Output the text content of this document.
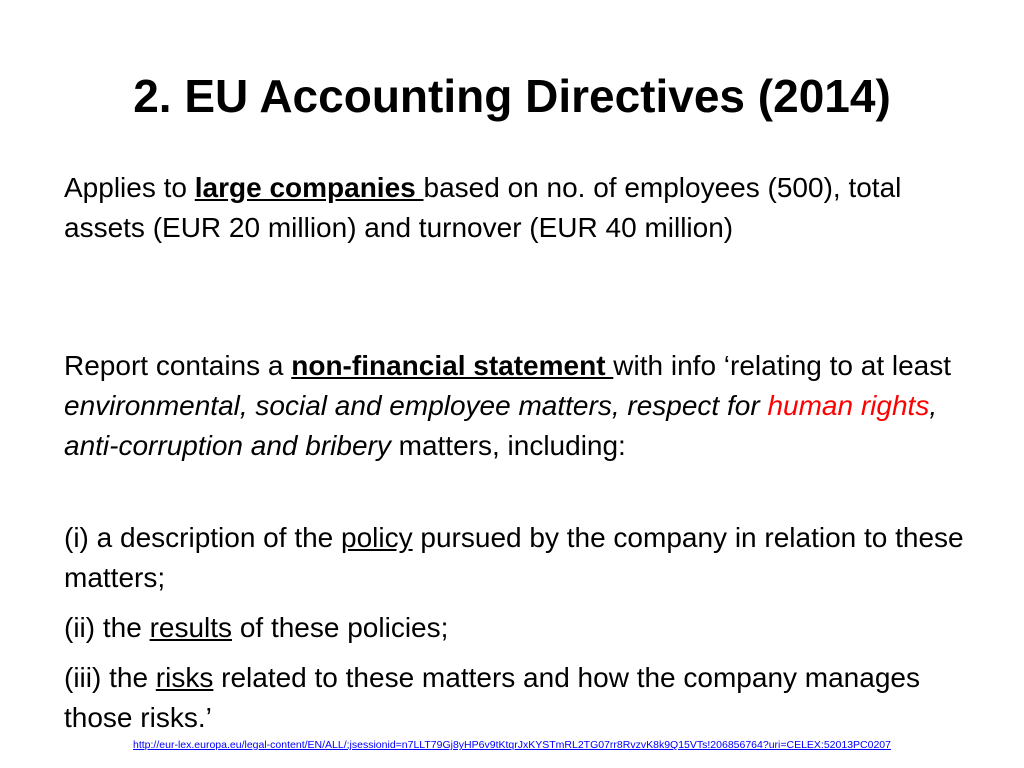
2. EU Accounting Directives (2014)

Applies to large companies based on no. of employees (500), total assets (EUR 20 million) and turnover (EUR 40 million)

Report contains a non-financial statement with info ‘relating to at least environmental, social and employee matters, respect for human rights, anti-corruption and bribery matters, including:

(i) a description of the policy pursued by the company in relation to these matters;

(ii) the results of these policies;

(iii) the risks related to these matters and how the company manages those risks.’

http://eur-lex.europa.eu/legal-content/EN/ALL/;jsessionid=n7LLT79Gj8yHP6v9tKtqrJxKYSTmRL2TG07rr8RvzvK8k9Q15VTs!206856764?uri=CELEX:52013PC0207
